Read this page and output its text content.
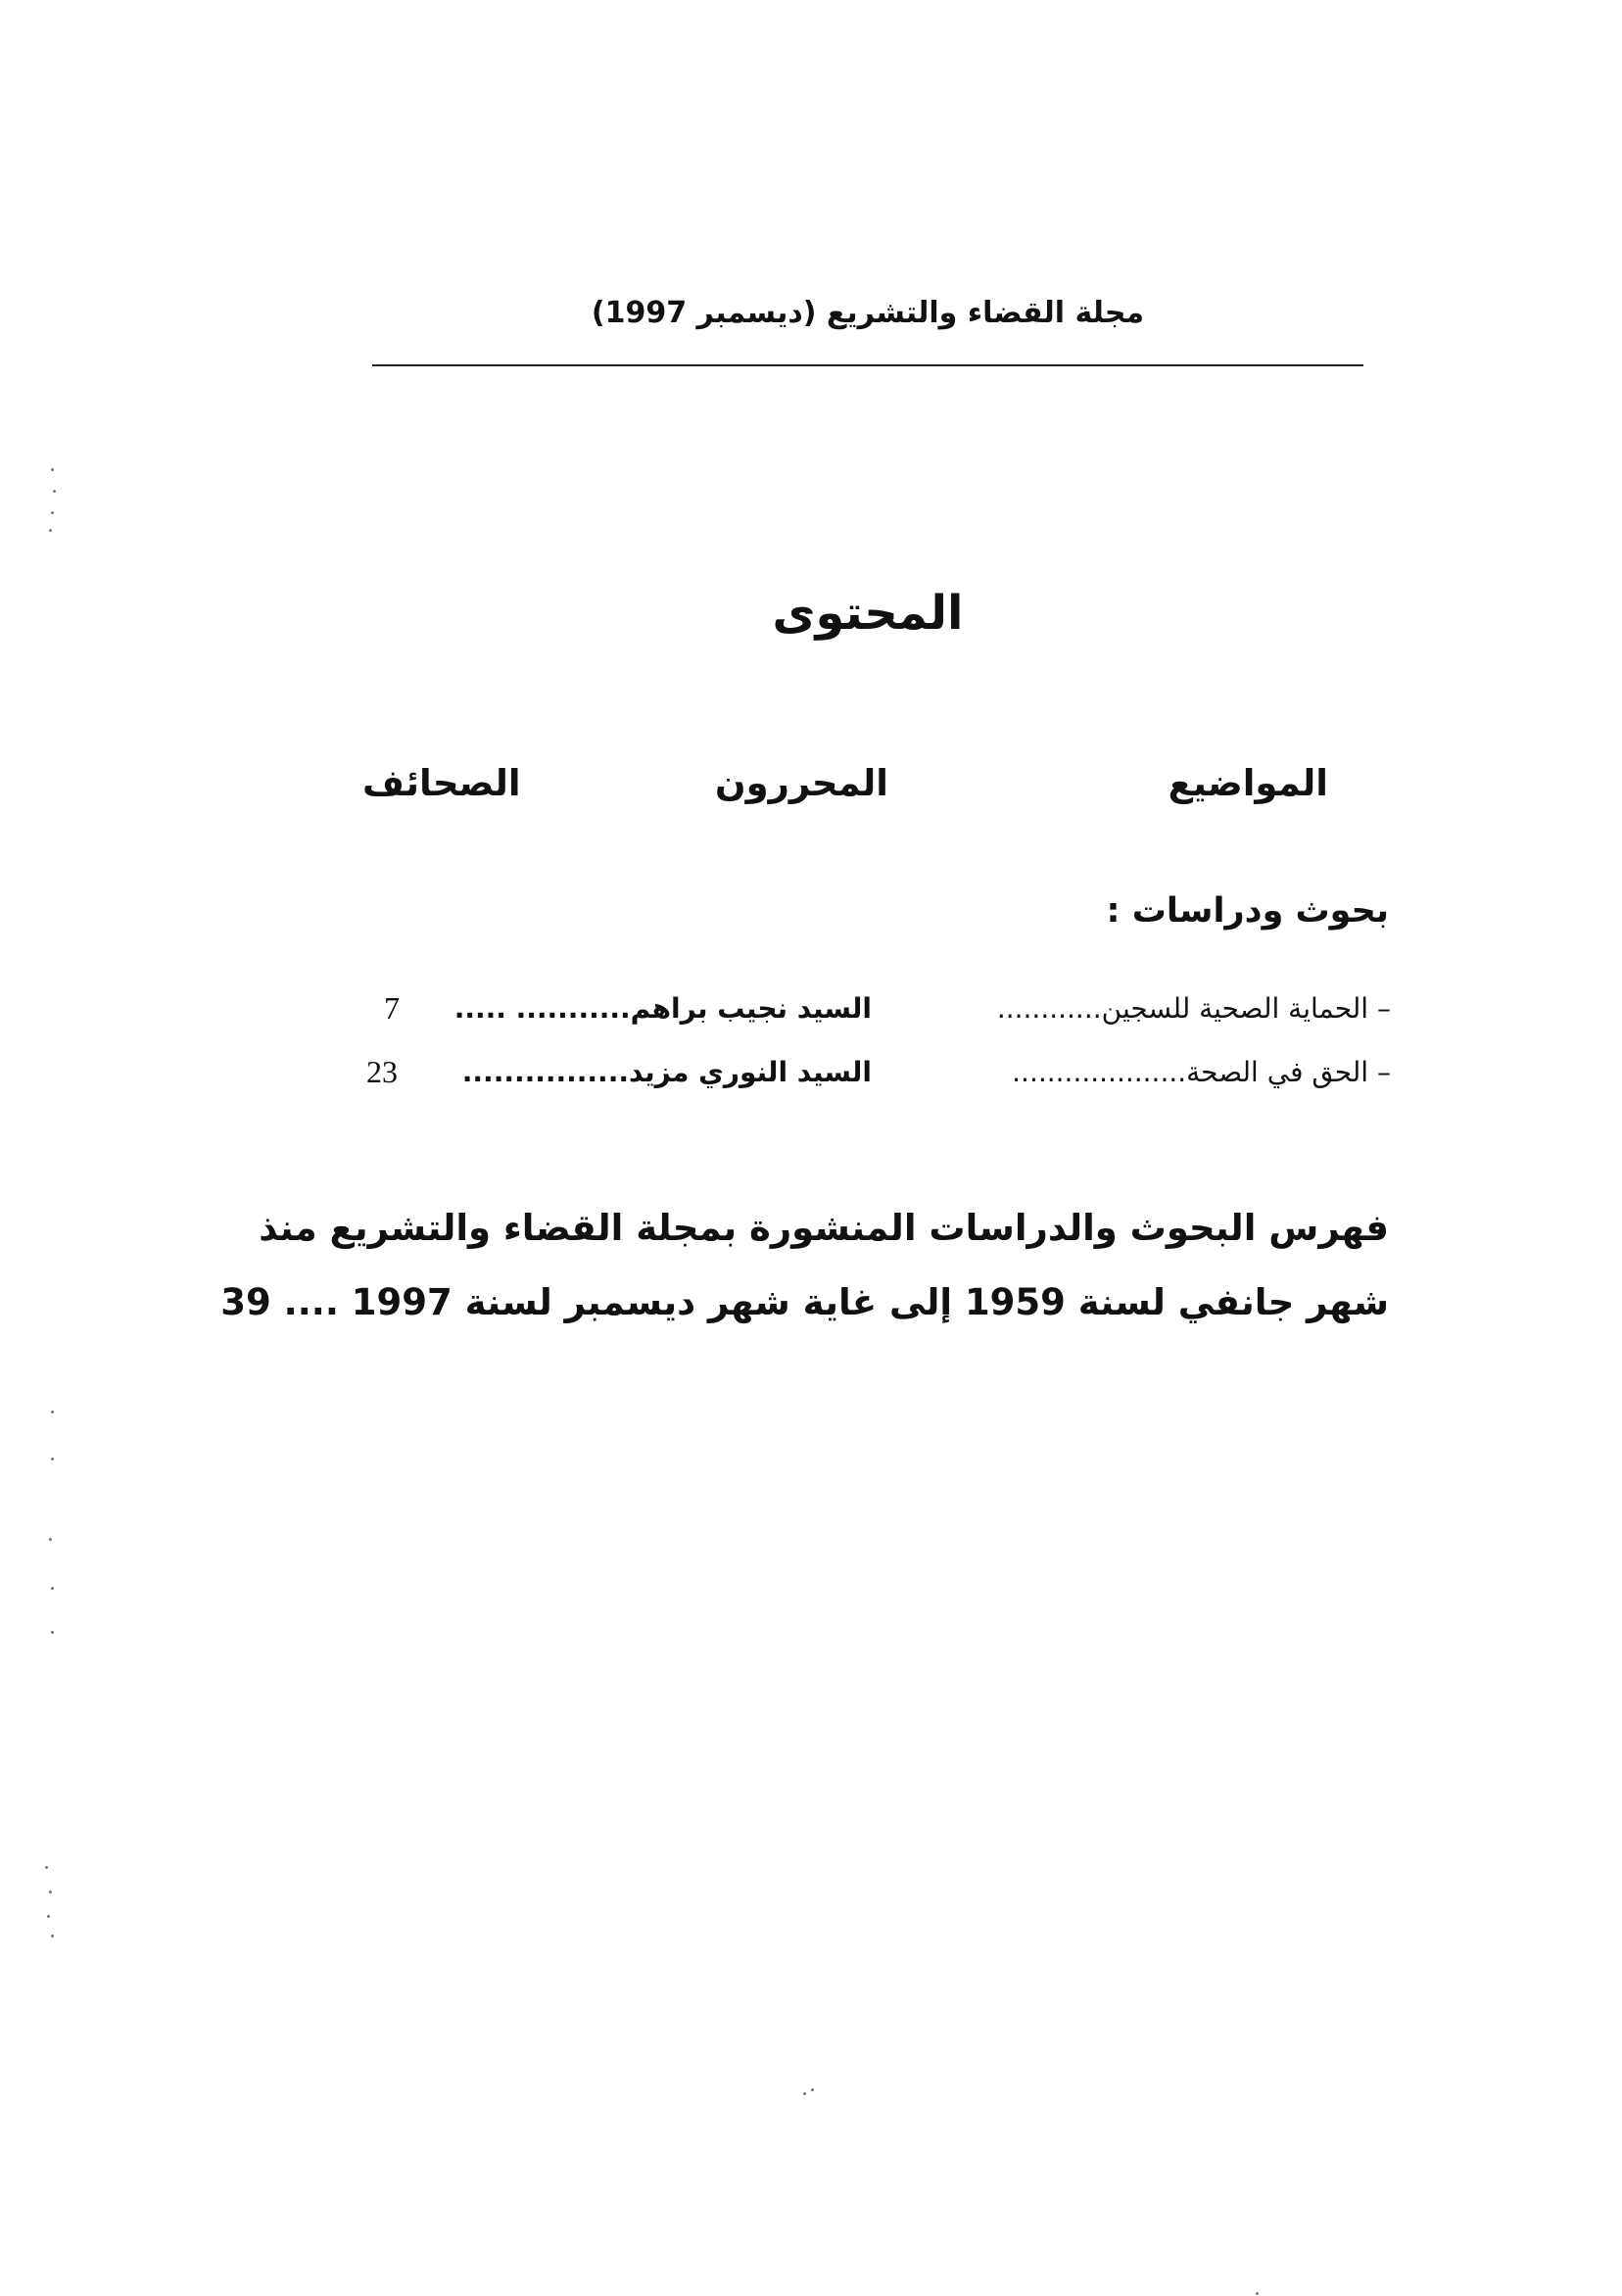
مجلة القضاء والتشريع (ديسمبر 1997)
المحتوى
المواضيع
المحررون
الصحائف
بحوث ودراسات :
– الحماية الصحية للسجين............
السيد نجيب براهم........... .....
7
– الحق في الصحة....................
السيد النوري مزيد................
23
فهرس البحوث والدراسات المنشورة بمجلة القضاء والتشريع منذ
شهر جانفي لسنة 1959 إلى غاية شهر ديسمبر لسنة 1997 .... 39
